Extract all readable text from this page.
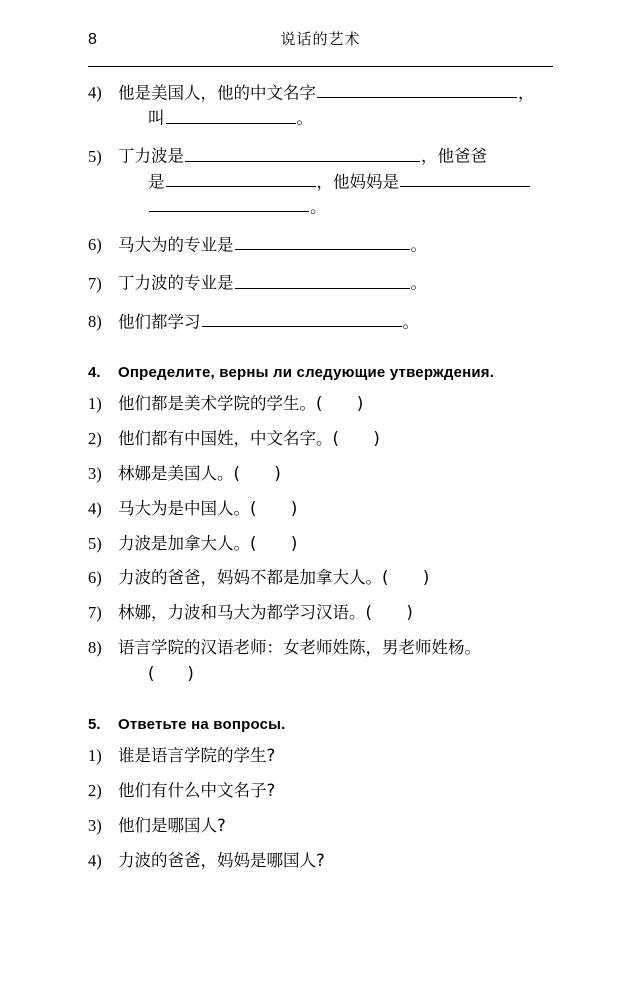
8	说话的艺术
4) 他是美国人，他的中文名字	，
叫	。
5) 丁力波是	，他爸爸
是	，他妈妈是
。
6) 马大为的专业是	。
7) 丁力波的专业是	。
8) 他们都学习	。
4.	Определите, верны ли следующие утверждения.
1) 他们都是美术学院的学生。(　　)
2) 他们都有中国姓，中文名字。(　　)
3) 林娜是美国人。(　　)
4) 马大为是中国人。(　　)
5) 力波是加拿大人。(　　)
6) 力波的爸爸，妈妈不都是加拿大人。(　　)
7) 林娜，力波和马大为都学习汉语。(　　)
8) 语言学院的汉语老师：女老师姓陈，男老师姓杨。
(　　)
5.	Ответьте на вопросы.
1) 谁是语言学院的学生?
2) 他们有什么中文名子?
3) 他们是哪国人?
4) 力波的爸爸，妈妈是哪国人?
